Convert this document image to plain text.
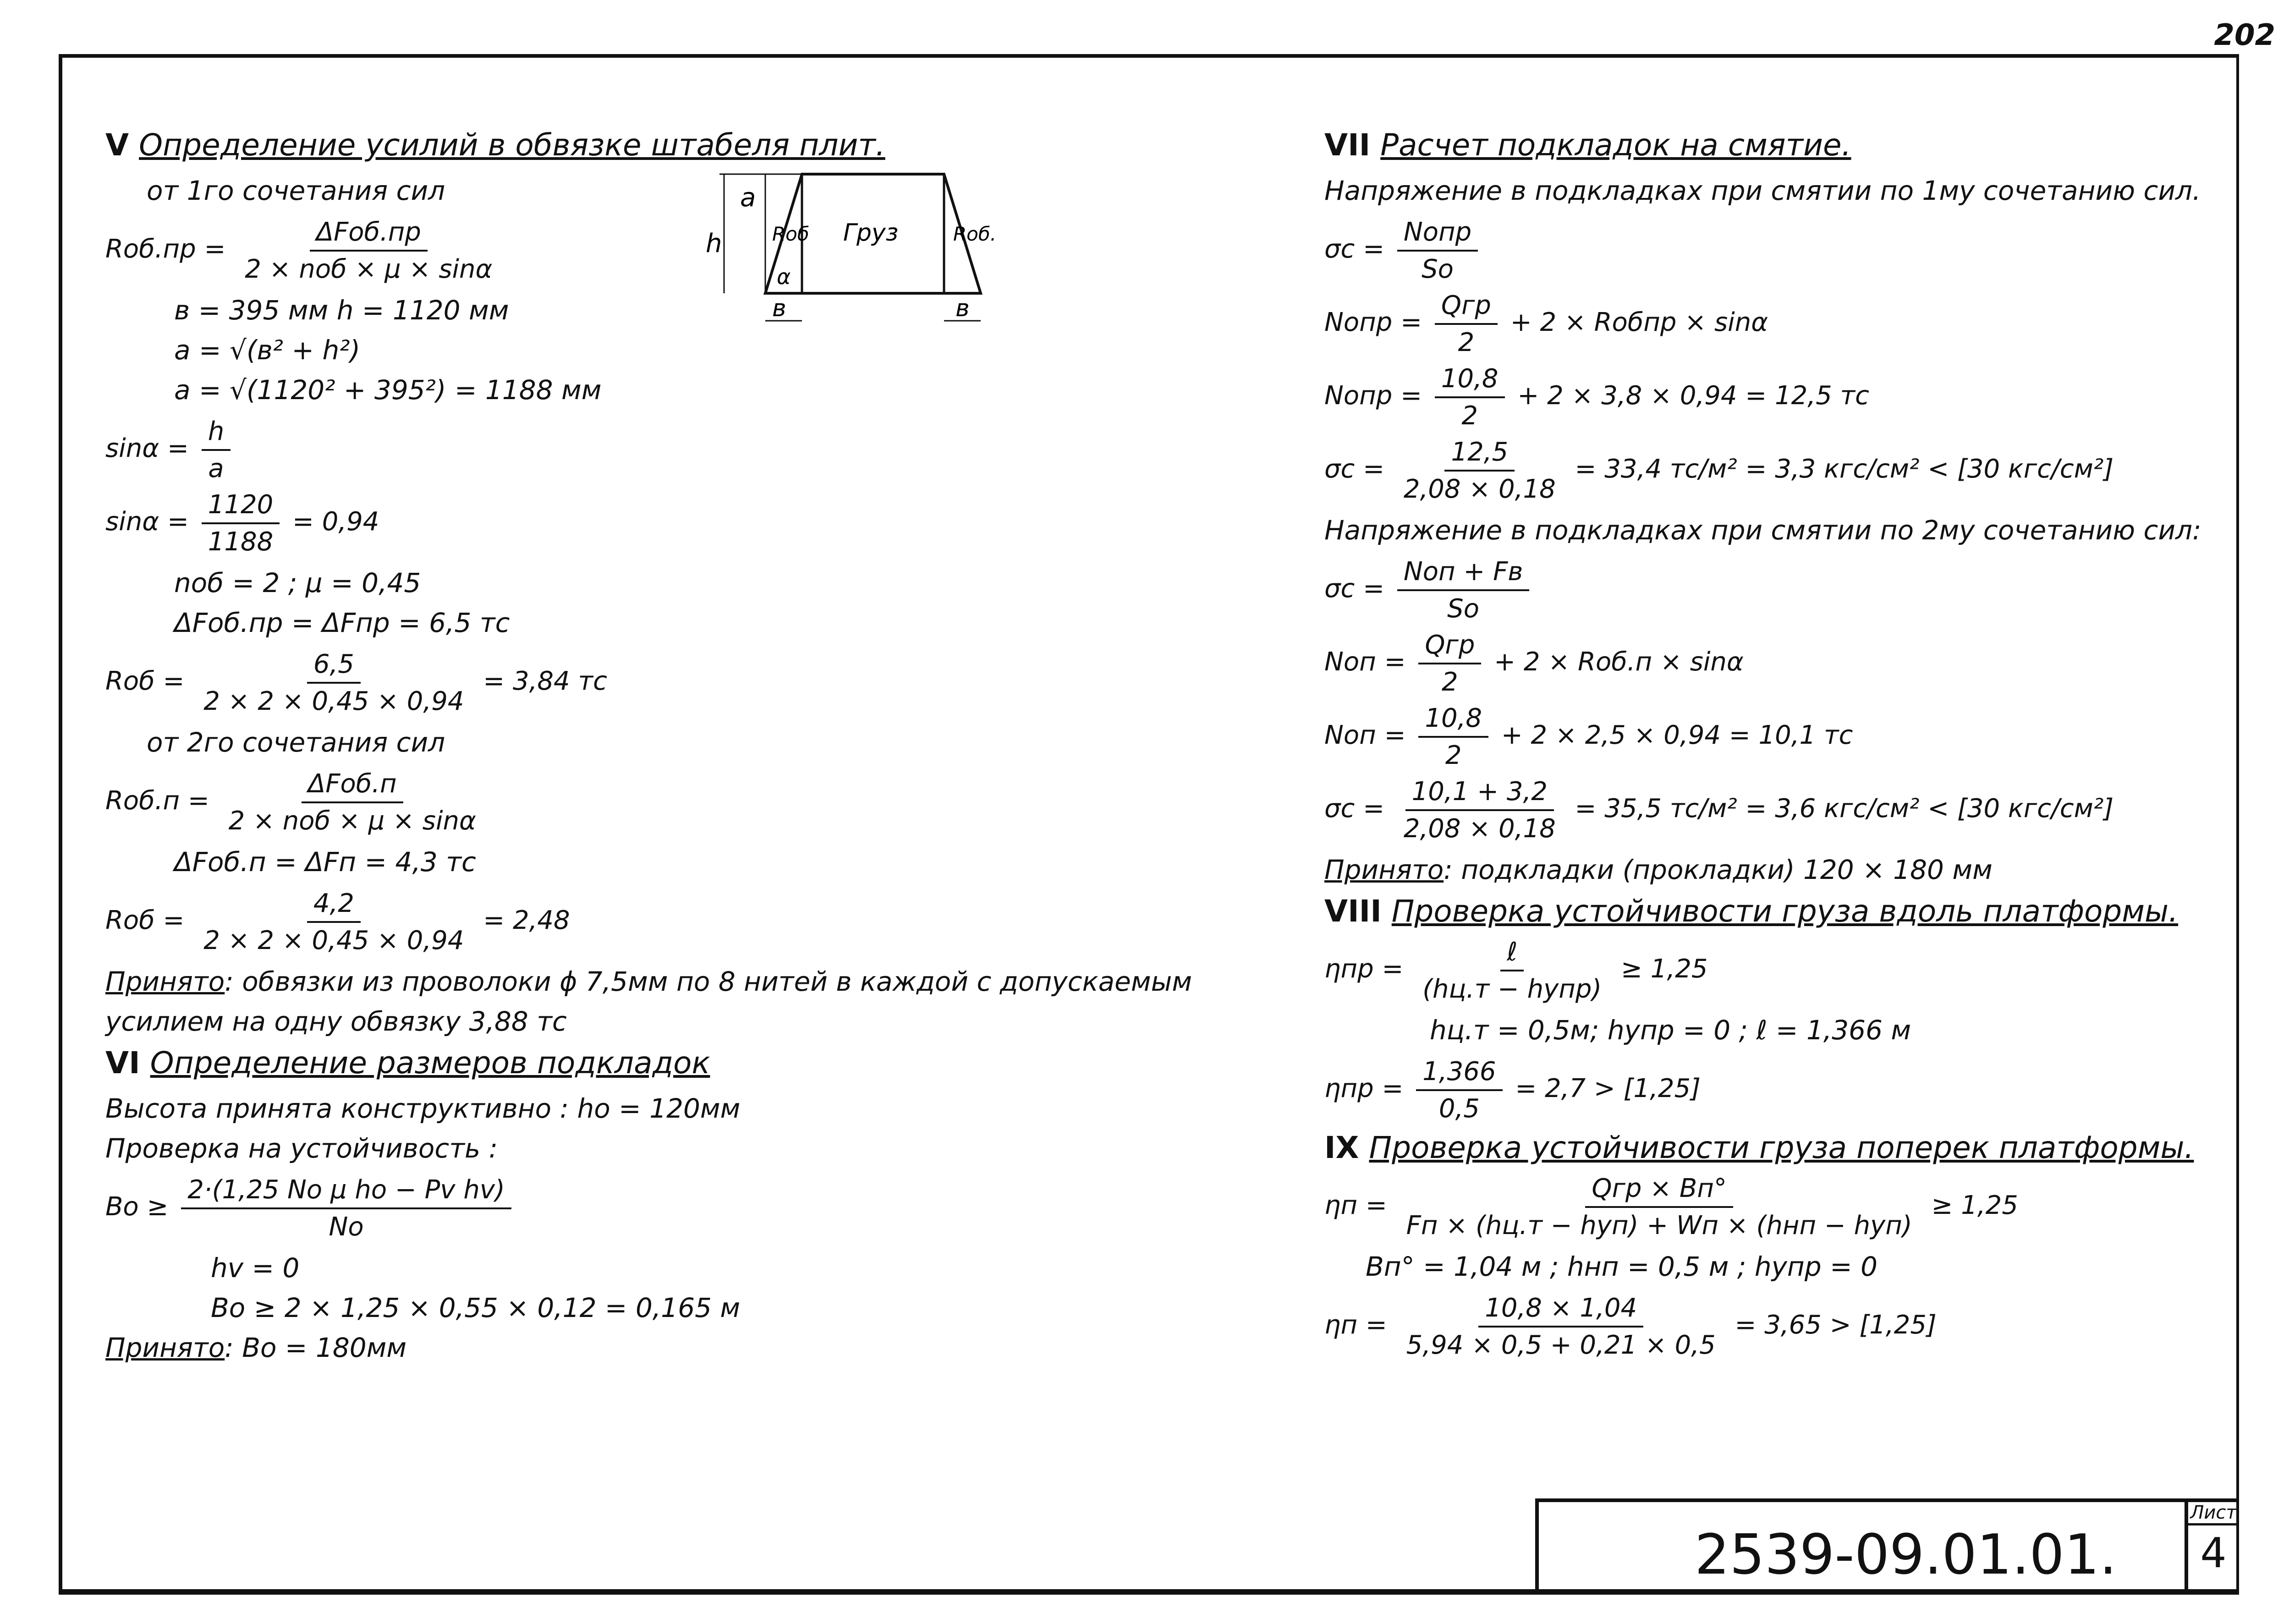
202
V Определение усилий в обвязке штабеля плит.
от 1го сочетания сил
$Rоб.пр = \frac{\text{ΔFоб.пр}}{\text{2 × nоб × μ × sinα}}$
в = 395 мм h = 1120 мм
a = √(в² + h²)
a = √(1120² + 395²) = 1188 мм
$\sin\alpha = \frac{h}{a}$
$\sin\alpha = \frac{1120}{1188} = 0,94$
nоб = 2 ; μ = 0,45
ΔFоб.пр = ΔFпр = 6,5 тс
Rоб = $\frac{6,5}{2 \times 2 \times 0,45 \times 0,94} = 3,84$ тс
от 2го сочетания сил
$Rоб.п = \frac{\text{ΔFоб.п}}{\text{2 × nоб × μ × sinα}}$
ΔFоб.п = ΔFп = 4,3 тс
Rоб = $\frac{4,2}{2 \times 2 \times 0,45 \times 0,94} = 2,48$
Принято: обвязки из проволоки ϕ 7,5мм по 8 нитей в каждой с допускаемым
усилием на одну обвязку 3,88 тс
VI Определение размеров подкладок
Высота принята конструктивно : hо = 120мм
Проверка на устойчивость :
Bо ≥ $\frac{\text{2·(1,25 Nо μ hо − Pv hv)}}{Nо}$
hv = 0
Bо ≥ 2 × 1,25 × 0,55 × 0,12 = 0,165 м
Принято: Bо = 180мм
a
h	Rоб Груз	Rоб.
α
в	в
VII Расчет подкладок на смятие.
Напряжение в подкладках при смятии по 1му сочетанию сил.
$\sigma с = \frac{\text{Nопр}}{Sо}$
Nопр = $\frac{\text{Qгр}}{2} + 2$ × Rобпр × sinα
Nопр = $\frac{10,8}{2} + 2 \times 3,8 \times 0,94 = 12,5$ тс
$\sigma с = \frac{12,5}{2,08 \times 0,18} = 33,4$ тс/м² = 3,3 кгс/см² < [30 кгс/см²]
Напряжение в подкладках при смятии по 2му сочетанию сил:
$\sigma с = \frac{\text{Nоп + Fв}}{Sо}$
Nоп = $\frac{\text{Qгр}}{2} + 2 \times Rоб.п \times \sin\alpha$
Nоп = $\frac{10,8}{2} + 2 \times 2,5 \times 0,94 = 10,1$ тс
$\sigma с = \frac{10,1 + 3,2}{2,08 \times 0,18} = 35,5$ тс/м² = 3,6 кгс/см² < [30 кгс/см²]
Принято: подкладки (прокладки) 120 × 180 мм
VIII Проверка устойчивости груза вдоль платформы.
$\eta пр = \frac{\text{ℓ}}{\text{(hц.т − hупр)}} \ge 1,25$
hц.т = 0,5м; hупр = 0 ; ℓ = 1,366 м
$\eta пр = \frac{1,366}{0,5} = 2,7 > [1,25]$
IX Проверка устойчивости груза поперек платформы.
$\eta п = \frac{\text{Qгр × Bп°}}{\text{Fп × (hц.т − hуп) + Wп × (hнп − hуп)}} \ge 1,25$
Bп° = 1,04 м ; hнп = 0,5 м ; hупр = 0
$\eta п = \frac{10,8 \times 1,04}{5,94 \times 0,5 + 0,21 \times 0,5} = 3,65 > [1,25]$
2539-09.01.01.
Лист
4
